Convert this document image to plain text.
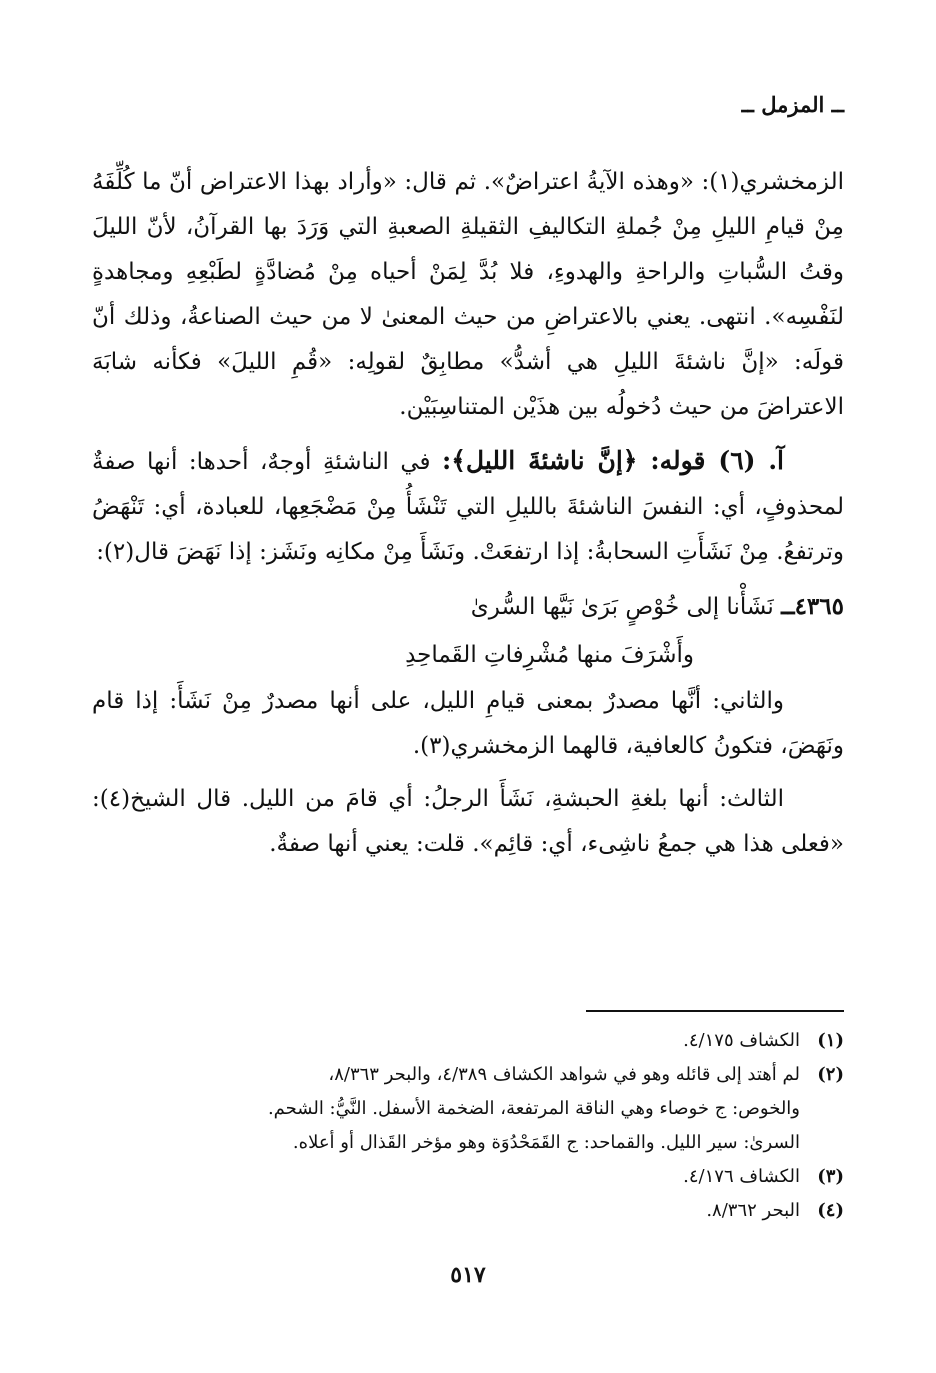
ــ المزمل ــ

الزمخشري(١): «وهذه الآيةُ اعتراضٌ». ثم قال: «وأراد بهذا الاعتراض أنّ ما كُلِّفَهُ مِنْ قيامِ الليلِ مِنْ جُملةِ التكاليفِ الثقيلةِ الصعبةِ التي وَرَدَ بها القرآنُ، لأنّ الليلَ وقتُ السُّباتِ والراحةِ والهدوءِ، فلا بُدَّ لِمَنْ أحياه مِنْ مُضادَّةٍ لطَبْعِهِ ومجاهدةٍ لنَفْسِه». انتهى. يعني بالاعتراضِ من حيث المعنىٰ لا من حيث الصناعةُ، وذلك أنّ قولَه: «إنَّ ناشئةَ الليلِ هي أشدُّ» مطابِقٌ لقولِه: «قُمِ الليلَ» فكأنه شابَهَ الاعتراضَ من حيث دُخولُه بين هذَيْن المتناسِبَيْن.

آ. (٦) قوله: ﴿إنَّ ناشئةَ الليل﴾: في الناشئةِ أوجهٌ، أحدها: أنها صفةٌ لمحذوفٍ، أي: النفسَ الناشئةَ بالليلِ التي تَنْشَأُ مِنْ مَضْجَعِها، للعبادة، أي: تَنْهَضُ وترتفعُ. مِنْ نَشَأَتِ السحابةُ: إذا ارتفعَتْ. ونَشَأَ مِنْ مكانِه ونَشَز: إذا نَهَضَ قال(٢):

٤٣٦٥ــ نَشَأْنا إلى خُوْصٍ بَرَىٰ نَيَّها السُّرىٰ
وأَشْرَفَ منها مُشْرِفاتِ القَماحِدِ

والثاني: أنَّها مصدرٌ بمعنى قيامِ الليل، على أنها مصدرٌ مِنْ نَشَأَ: إذا قام ونَهَضَ، فتكونُ كالعافية، قالهما الزمخشري(٣).

الثالث: أنها بلغةِ الحبشةِ، نَشَأَ الرجلُ: أي قامَ من الليل. قال الشيخ(٤): «فعلى هذا هي جمعُ ناشِىء، أي: قائِم». قلت: يعني أنها صفةٌ.

(١)
الكشاف ٤/١٧٥.
(٢)
لم أهتد إلى قائله وهو في شواهد الكشاف ٤/٣٨٩، والبحر ٨/٣٦٣،
والخوص: ج خوصاء وهي الناقة المرتفعة، الضخمة الأسفل. النَّيُّ: الشحم.
السرىٰ: سير الليل. والقماحد: ج القَمَحْدُوَة وهو مؤخر القَذال أو أعلاه.
(٣)
الكشاف ٤/١٧٦.
(٤)
البحر ٨/٣٦٢.
٥١٧
